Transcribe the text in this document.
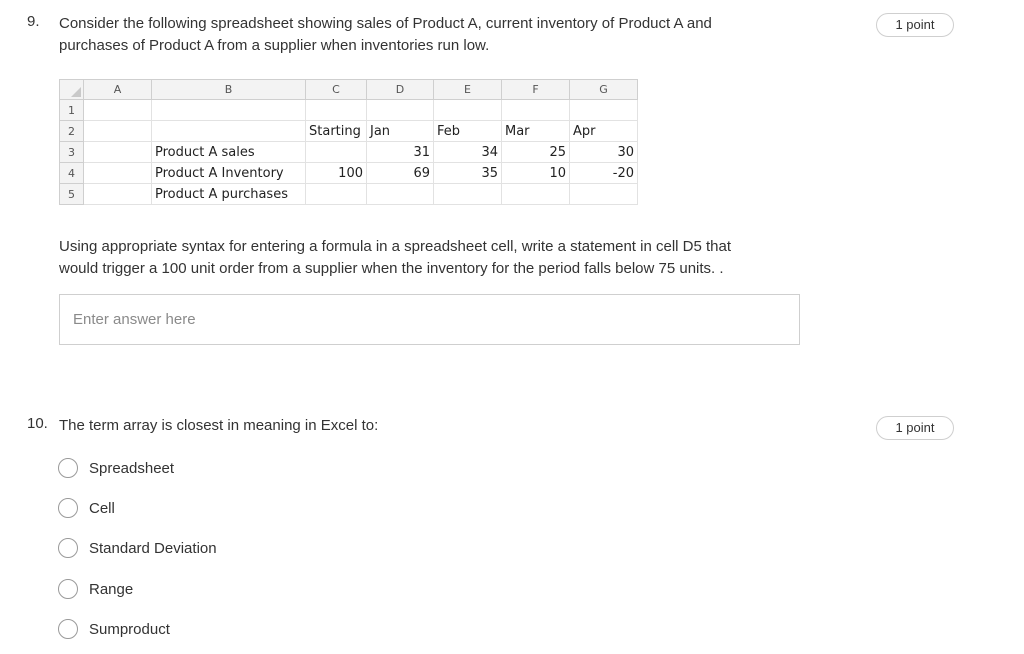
9. Consider the following spreadsheet showing sales of Product A, current inventory of Product A and
purchases of Product A from a supplier when inventories run low.
1 point
	A	B	C	D	E	F	G
1							
2			Starting	Jan	Feb	Mar	Apr
3		Product A sales		31	34	25	30
4		Product A Inventory	100	69	35	10	-20
5		Product A purchases					
Using appropriate syntax for entering a formula in a spreadsheet cell, write a statement in cell D5 that
would trigger a 100 unit order from a supplier when the inventory for the period falls below 75 units. .
Enter answer here
10. The term array is closest in meaning in Excel to:	1 point
Spreadsheet
Cell
Standard Deviation
Range
Sumproduct
